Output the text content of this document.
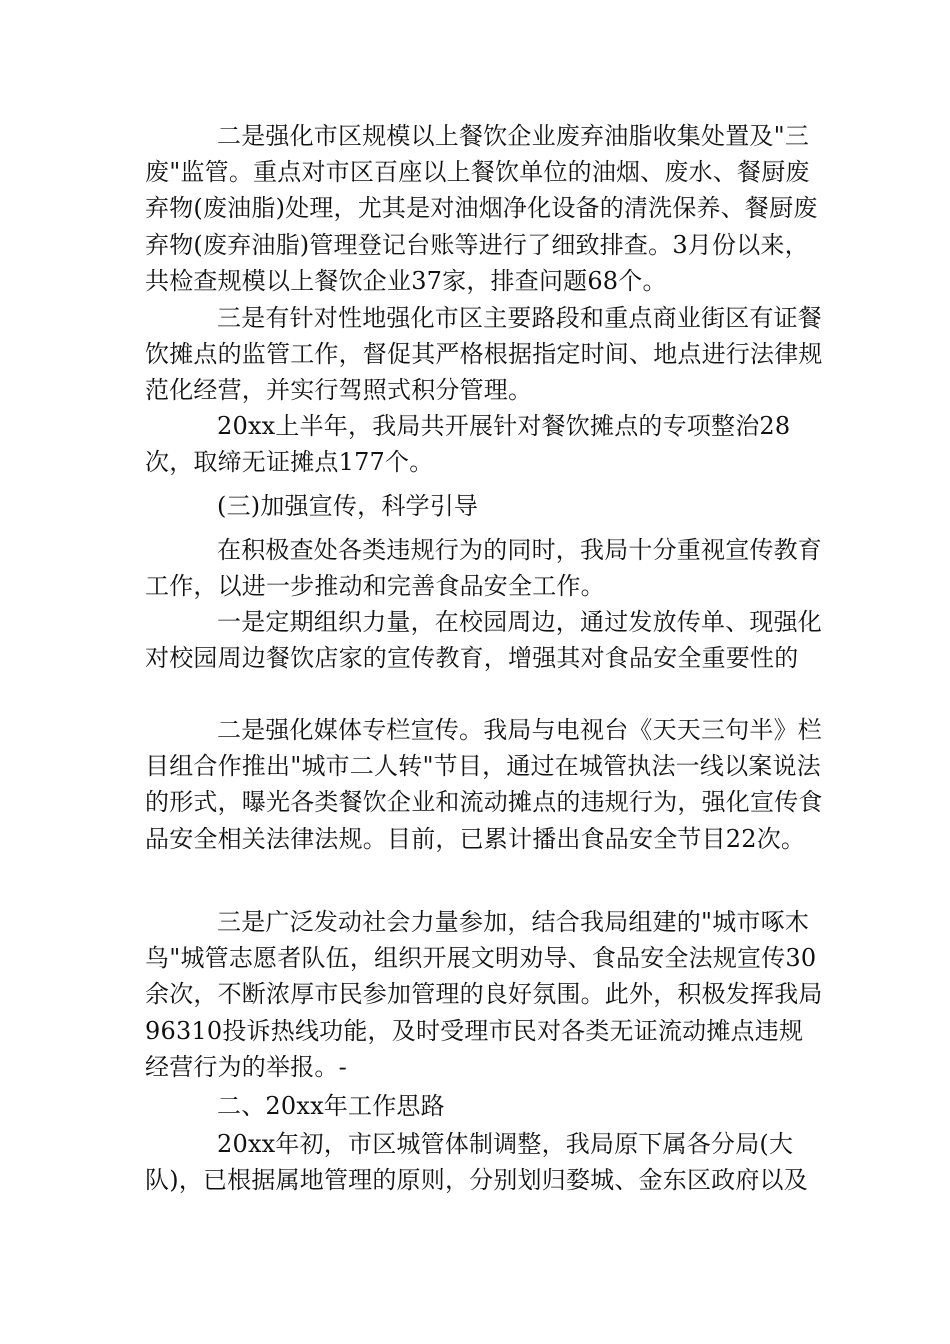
二是强化市区规模以上餐饮企业废弃油脂收集处置及"三废"监管。重点对市区百座以上餐饮单位的油烟、废水、餐厨废弃物(废油脂)处理，尤其是对油烟净化设备的清洗保养、餐厨废弃物(废弃油脂)管理登记台账等进行了细致排查。3月份以来，共检查规模以上餐饮企业37家，排查问题68个。

三是有针对性地强化市区主要路段和重点商业街区有证餐饮摊点的监管工作，督促其严格根据指定时间、地点进行法律规范化经营，并实行驾照式积分管理。

20xx上半年，我局共开展针对餐饮摊点的专项整治28次，取缔无证摊点177个。

(三)加强宣传，科学引导

在积极查处各类违规行为的同时，我局十分重视宣传教育工作，以进一步推动和完善食品安全工作。

一是定期组织力量，在校园周边，通过发放传单、现强化对校园周边餐饮店家的宣传教育，增强其对食品安全重要性的

二是强化媒体专栏宣传。我局与电视台《天天三句半》栏目组合作推出"城市二人转"节目，通过在城管执法一线以案说法的形式，曝光各类餐饮企业和流动摊点的违规行为，强化宣传食品安全相关法律法规。目前，已累计播出食品安全节目22次。

三是广泛发动社会力量参加，结合我局组建的"城市啄木鸟"城管志愿者队伍，组织开展文明劝导、食品安全法规宣传30余次，不断浓厚市民参加管理的良好氛围。此外，积极发挥我局96310投诉热线功能，及时受理市民对各类无证流动摊点违规经营行为的举报。-

二、20xx年工作思路

20xx年初，市区城管体制调整，我局原下属各分局(大队)，已根据属地管理的原则，分别划归婺城、金东区政府以及
